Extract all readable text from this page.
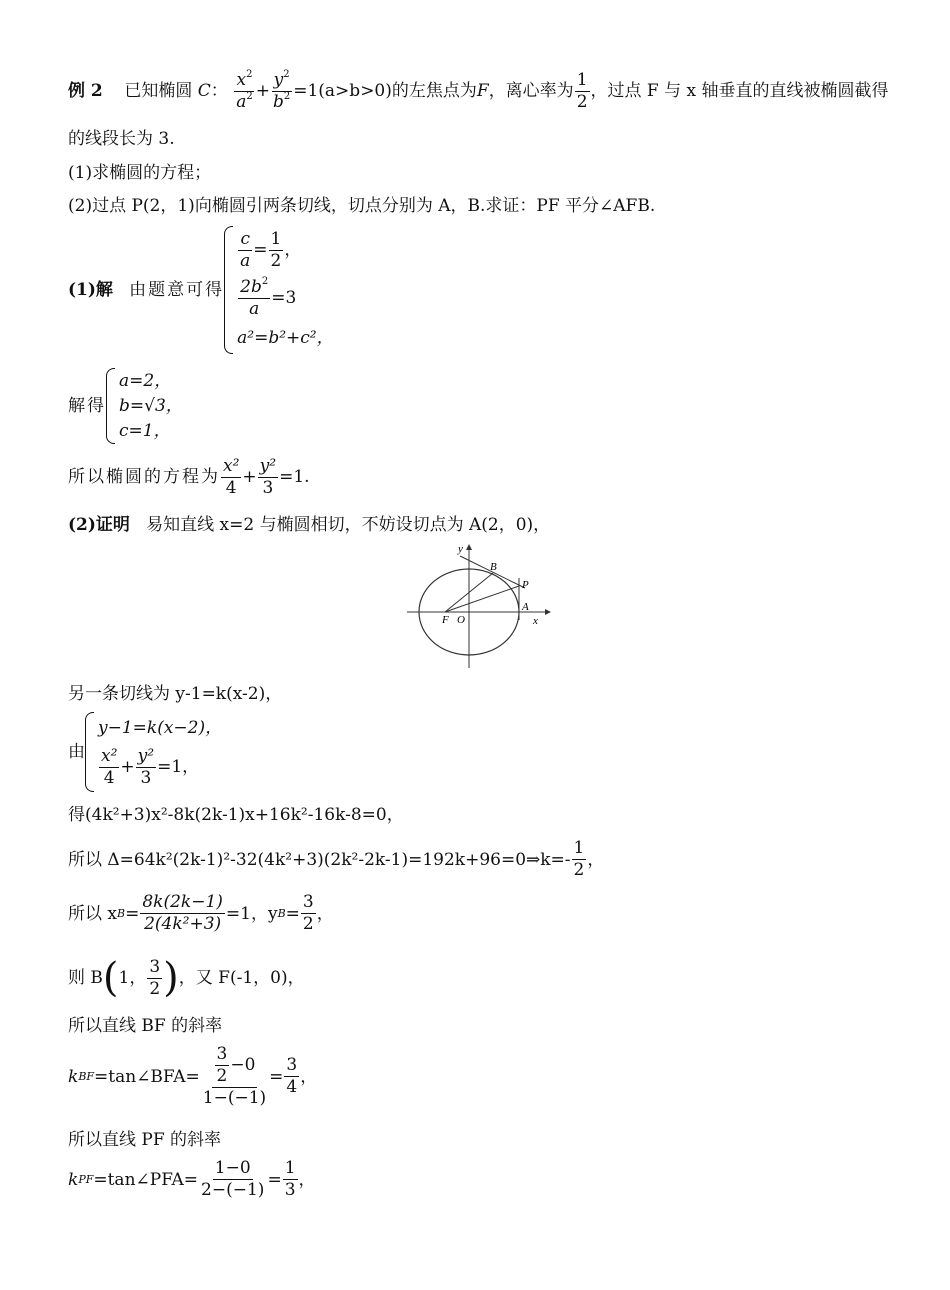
例 2 已知椭圆 C： $\frac{x^2}{a^2} + \frac{y^2}{b^2} =1(a>b>0)$的左焦点为F，离心率为 $\frac{1}{2}$ ，过点 F 与 x 轴垂直的直线被椭圆截得
的线段长为 3.
(1)求椭圆的方程；
(2)过点 P(2，1)向椭圆引两条切线，切点分别为 A，B.求证：PF 平分∠AFB.
(1)解
由题意可得
$\frac{c}{a} = \frac{1}{2}$ ，
$\frac{2b^2}{a} =3$
a²=b²+c²，
解得
a=2，
b=√3，
c=1，
所以椭圆的方程为 $\frac{\text{x²}}{4} + \frac{\text{y²}}{3} =1$.
(2)证明 易知直线 x=2 与椭圆相切，不妨设切点为 A(2，0)，
y
x
B
P
A
F O
另一条切线为 y-1=k(x-2)，
由
y−1=k(x−2)，
$\frac{\text{x²}}{4} + \frac{\text{y²}}{3} =1$，
得(4k²+3)x²-8k(2k-1)x+16k²-16k-8=0，
所以 Δ=64k²(2k-1)²-32(4k²+3)(2k²-2k-1)=192k+96=0⇒k=- $\frac{1}{2}$ ，
所以 x $B = \frac{8k(2k-1)}{\text{2(4k²+3)}} =1$，y $B = \frac{3}{2}$ ，
则 B ( 1， $\frac{3}{2}$ ) ，又 F(-1，0)，
所以直线 BF 的斜率
k BF =tan∠BFA= $\frac{\frac{3}{2} -0}{1-(-1)} = \frac{3}{4}$ ，
所以直线 PF 的斜率
k PF =tan∠PFA= $\frac{1-0}{2-(-1)} = \frac{1}{3}$ ，
